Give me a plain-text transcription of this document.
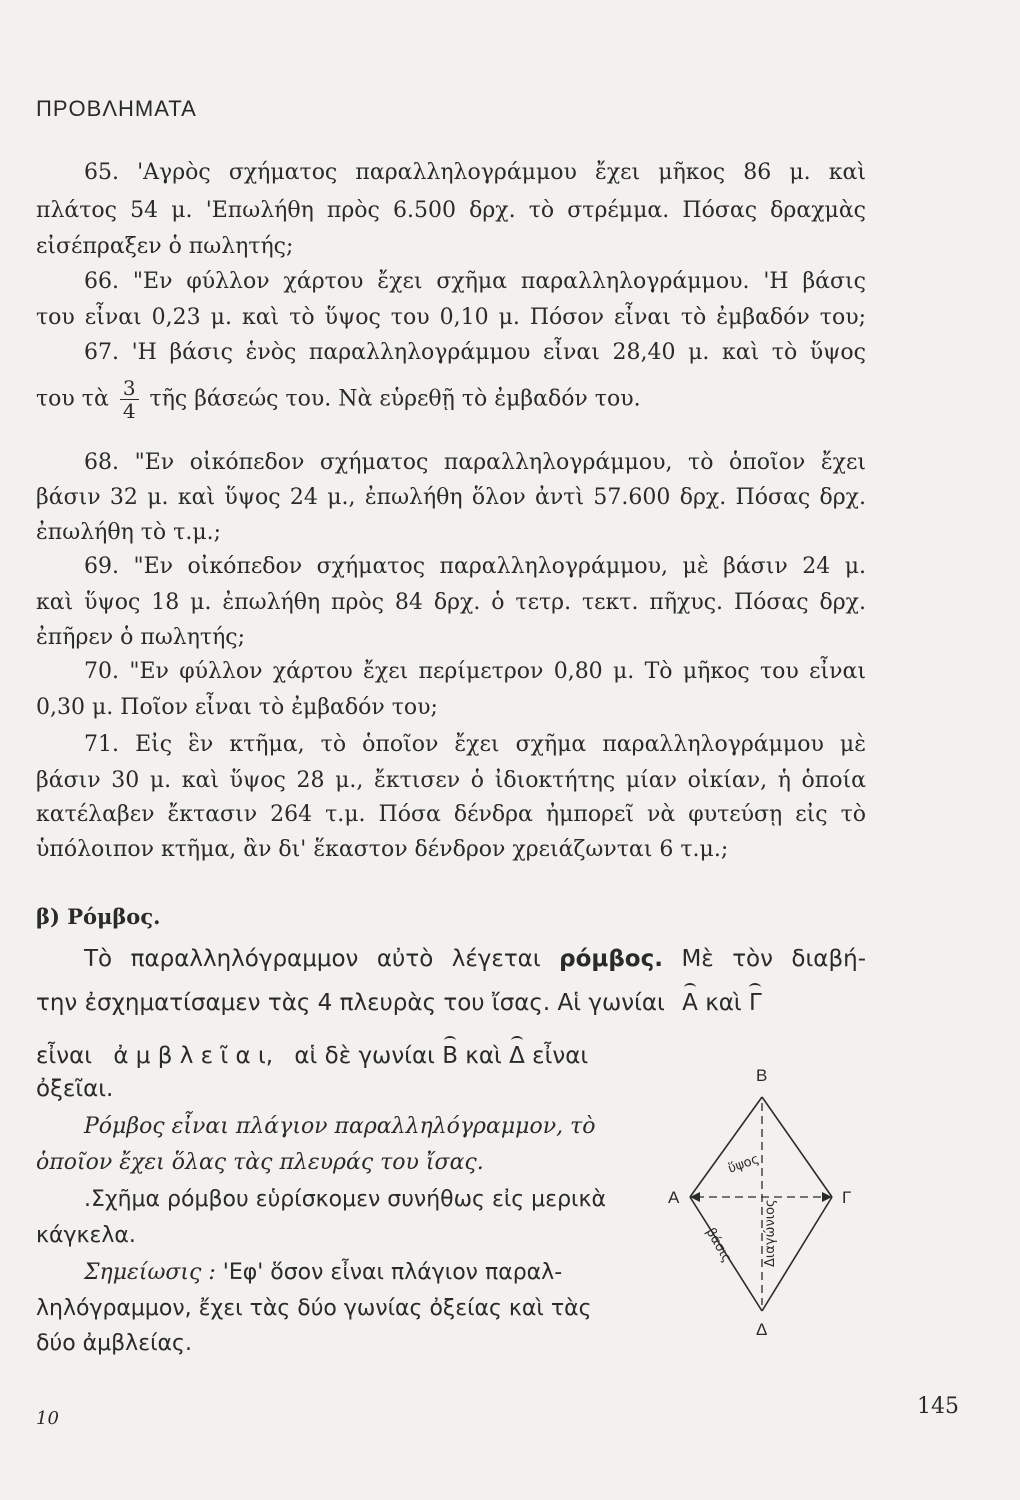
ΠΡΟΒΛΗΜΑΤΑ
65. 'Αγρὸς σχήματος παραλληλογράμμου ἔχει μῆκος 86 μ. καὶ
πλάτος 54 μ. 'Επωλήθη πρὸς 6.500 δρχ. τὸ στρέμμα. Πόσας δραχμὰς
εἰσέπραξεν ὁ πωλητής;
66. "Εν φύλλον χάρτου ἔχει σχῆμα παραλληλογράμμου. 'Η βάσις
του εἶναι 0,23 μ. καὶ τὸ ὕψος του 0,10 μ. Πόσον εἶναι τὸ ἐμβαδόν του;
67. 'Η βάσις ἑνὸς παραλληλογράμμου εἶναι 28,40 μ. καὶ τὸ ὕψος
του τὰ $\frac{3}{4}$ τῆς βάσεώς του. Νὰ εὑρεθῇ τὸ ἐμβαδόν του.
68. "Εν οἰκόπεδον σχήματος παραλληλογράμμου, τὸ ὁποῖον ἔχει
βάσιν 32 μ. καὶ ὕψος 24 μ., ἐπωλήθη ὅλον ἀντὶ 57.600 δρχ. Πόσας δρχ.
ἐπωλήθη τὸ τ.μ.;
69. "Εν οἰκόπεδον σχήματος παραλληλογράμμου, μὲ βάσιν 24 μ.
καὶ ὕψος 18 μ. ἐπωλήθη πρὸς 84 δρχ. ὁ τετρ. τεκτ. πῆχυς. Πόσας δρχ.
ἐπῆρεν ὁ πωλητής;
70. "Εν φύλλον χάρτου ἔχει περίμετρον 0,80 μ. Τὸ μῆκος του εἶναι
0,30 μ. Ποῖον εἶναι τὸ ἐμβαδόν του;
71. Εἰς ἓν κτῆμα, τὸ ὁποῖον ἔχει σχῆμα παραλληλογράμμου μὲ
βάσιν 30 μ. καὶ ὕψος 28 μ., ἔκτισεν ὁ ἰδιοκτήτης μίαν οἰκίαν, ἡ ὁποία
κατέλαβεν ἔκτασιν 264 τ.μ. Πόσα δένδρα ἠμπορεῖ νὰ φυτεύσῃ εἰς τὸ
ὑπόλοιπον κτῆμα, ἂν δι' ἕκαστον δένδρον χρειάζωνται 6 τ.μ.;
β) Ρόμβος.
Τὸ παραλληλόγραμμον αὐτὸ λέγεται ρόμβος. Μὲ τὸν διαβή-
την ἐσχηματίσαμεν τὰς 4 πλευρὰς του ἴσας. Αἱ γωνίαι Α καὶ Γ
εἶναι ἀ μ β λ ε ῖ α ι, αἱ δὲ γωνίαι Β καὶ Δ εἶναι
ὀξεῖαι.
Ρόμβος εἶναι πλάγιον παραλληλόγραμμον, τὸ
ὁποῖον ἔχει ὅλας τὰς πλευράς του ἴσας.
.Σχῆμα ρόμβου εὑρίσκομεν συνήθως εἰς μερικὰ
κάγκελα.
Σημείωσις : 'Εφ' ὅσον εἶναι πλάγιον παραλ-
ληλόγραμμον, ἔχει τὰς δύο γωνίας ὀξείας καὶ τὰς
δύο ἀμβλείας.
Β
Α	Γ
Δ
ὕψος
βάσις Διαγώνιος
10	145
